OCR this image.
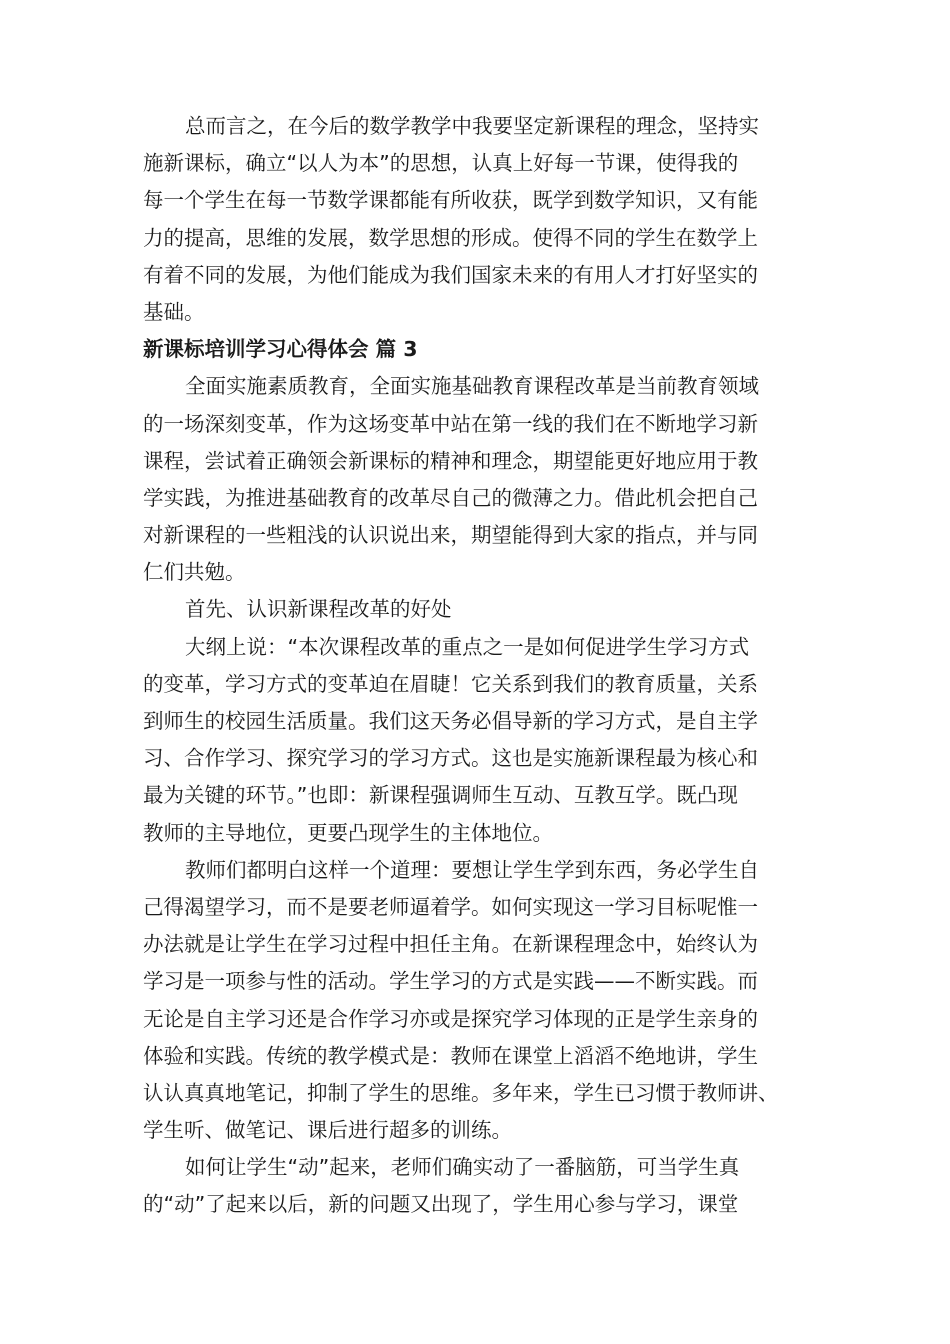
总而言之，在今后的数学教学中我要坚定新课程的理念，坚持实
施新课标，确立“以人为本”的思想，认真上好每一节课，使得我的
每一个学生在每一节数学课都能有所收获，既学到数学知识，又有能
力的提高，思维的发展，数学思想的形成。使得不同的学生在数学上
有着不同的发展，为他们能成为我们国家未来的有用人才打好坚实的
基础。
新课标培训学习心得体会 篇 3
全面实施素质教育，全面实施基础教育课程改革是当前教育领域
的一场深刻变革，作为这场变革中站在第一线的我们在不断地学习新
课程，尝试着正确领会新课标的精神和理念，期望能更好地应用于教
学实践，为推进基础教育的改革尽自己的微薄之力。借此机会把自己
对新课程的一些粗浅的认识说出来，期望能得到大家的指点，并与同
仁们共勉。
首先、认识新课程改革的好处
大纲上说：“本次课程改革的重点之一是如何促进学生学习方式
的变革，学习方式的变革迫在眉睫！它关系到我们的教育质量，关系
到师生的校园生活质量。我们这天务必倡导新的学习方式，是自主学
习、合作学习、探究学习的学习方式。这也是实施新课程最为核心和
最为关键的环节。”也即：新课程强调师生互动、互教互学。既凸现
教师的主导地位，更要凸现学生的主体地位。
教师们都明白这样一个道理：要想让学生学到东西，务必学生自
己得渴望学习，而不是要老师逼着学。如何实现这一学习目标呢惟一
办法就是让学生在学习过程中担任主角。在新课程理念中，始终认为
学习是一项参与性的活动。学生学习的方式是实践——不断实践。而
无论是自主学习还是合作学习亦或是探究学习体现的正是学生亲身的
体验和实践。传统的教学模式是：教师在课堂上滔滔不绝地讲，学生
认认真真地笔记，抑制了学生的思维。多年来，学生已习惯于教师讲、
学生听、做笔记、课后进行超多的训练。
如何让学生“动”起来，老师们确实动了一番脑筋，可当学生真
的“动”了起来以后，新的问题又出现了，学生用心参与学习，课堂
